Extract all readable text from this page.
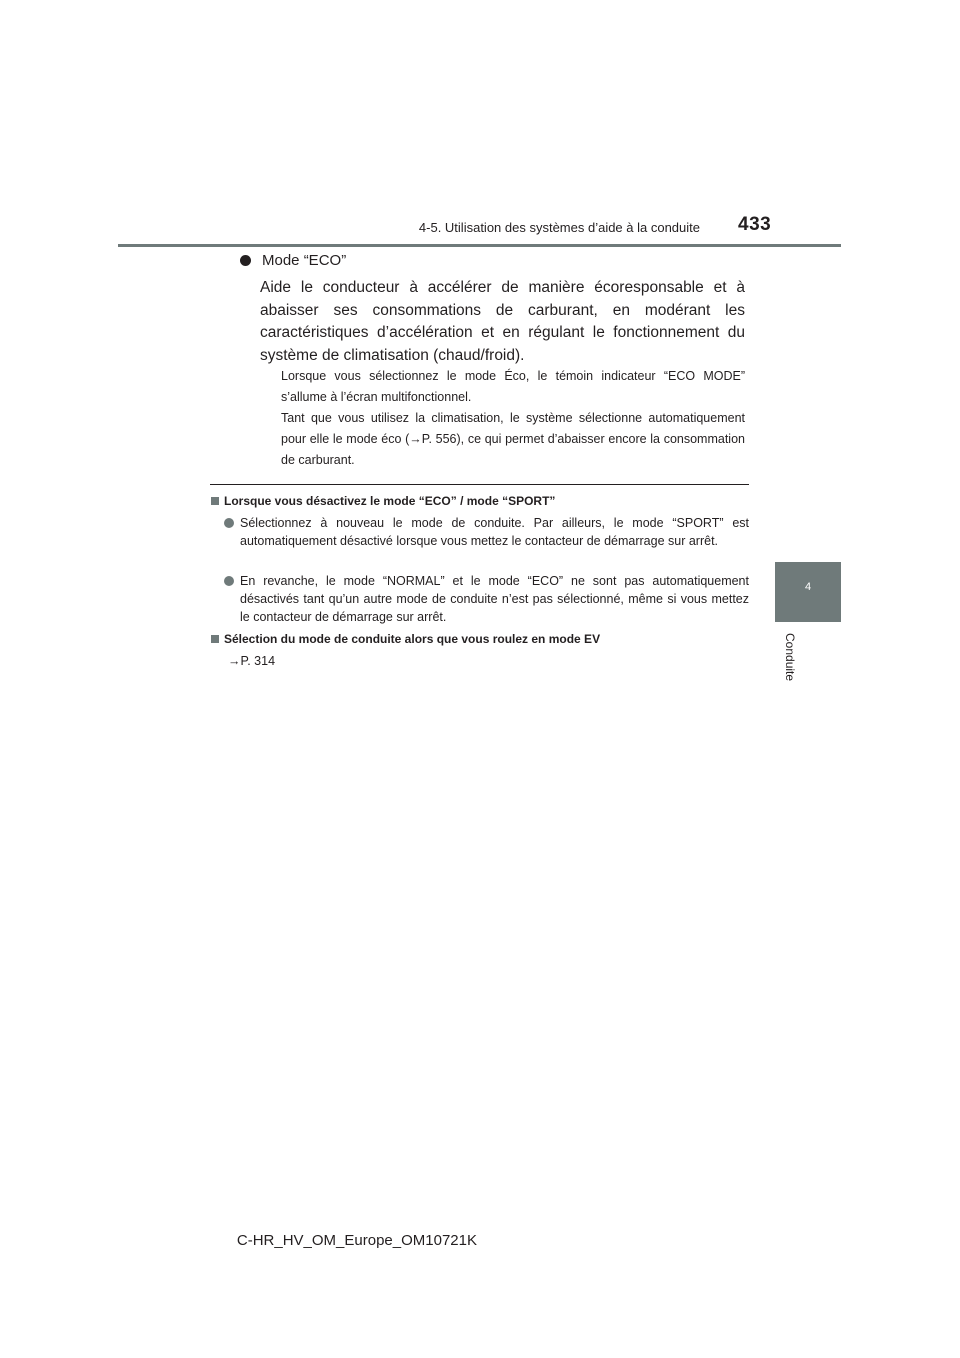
4-5. Utilisation des systèmes d’aide à la conduite 433
4
Conduite
Mode “ECO”
Aide le conducteur à accélérer de manière écoresponsable et à abaisser ses consommations de carburant, en modérant les caractéristiques d’accélération et en régulant le fonctionnement du système de climatisation (chaud/froid).
Lorsque vous sélectionnez le mode Éco, le témoin indicateur “ECO MODE” s’allume à l’écran multifonctionnel.
Tant que vous utilisez la climatisation, le système sélectionne automatiquement pour elle le mode éco (→P. 556), ce qui permet d’abaisser encore la consommation de carburant.
Lorsque vous désactivez le mode “ECO” / mode “SPORT”
Sélectionnez à nouveau le mode de conduite. Par ailleurs, le mode “SPORT” est automatiquement désactivé lorsque vous mettez le contacteur de démarrage sur arrêt.
En revanche, le mode “NORMAL” et le mode “ECO” ne sont pas automatiquement désactivés tant qu’un autre mode de conduite n’est pas sélectionné, même si vous mettez le contacteur de démarrage sur arrêt.
Sélection du mode de conduite alors que vous roulez en mode EV
→P. 314
C-HR_HV_OM_Europe_OM10721K
